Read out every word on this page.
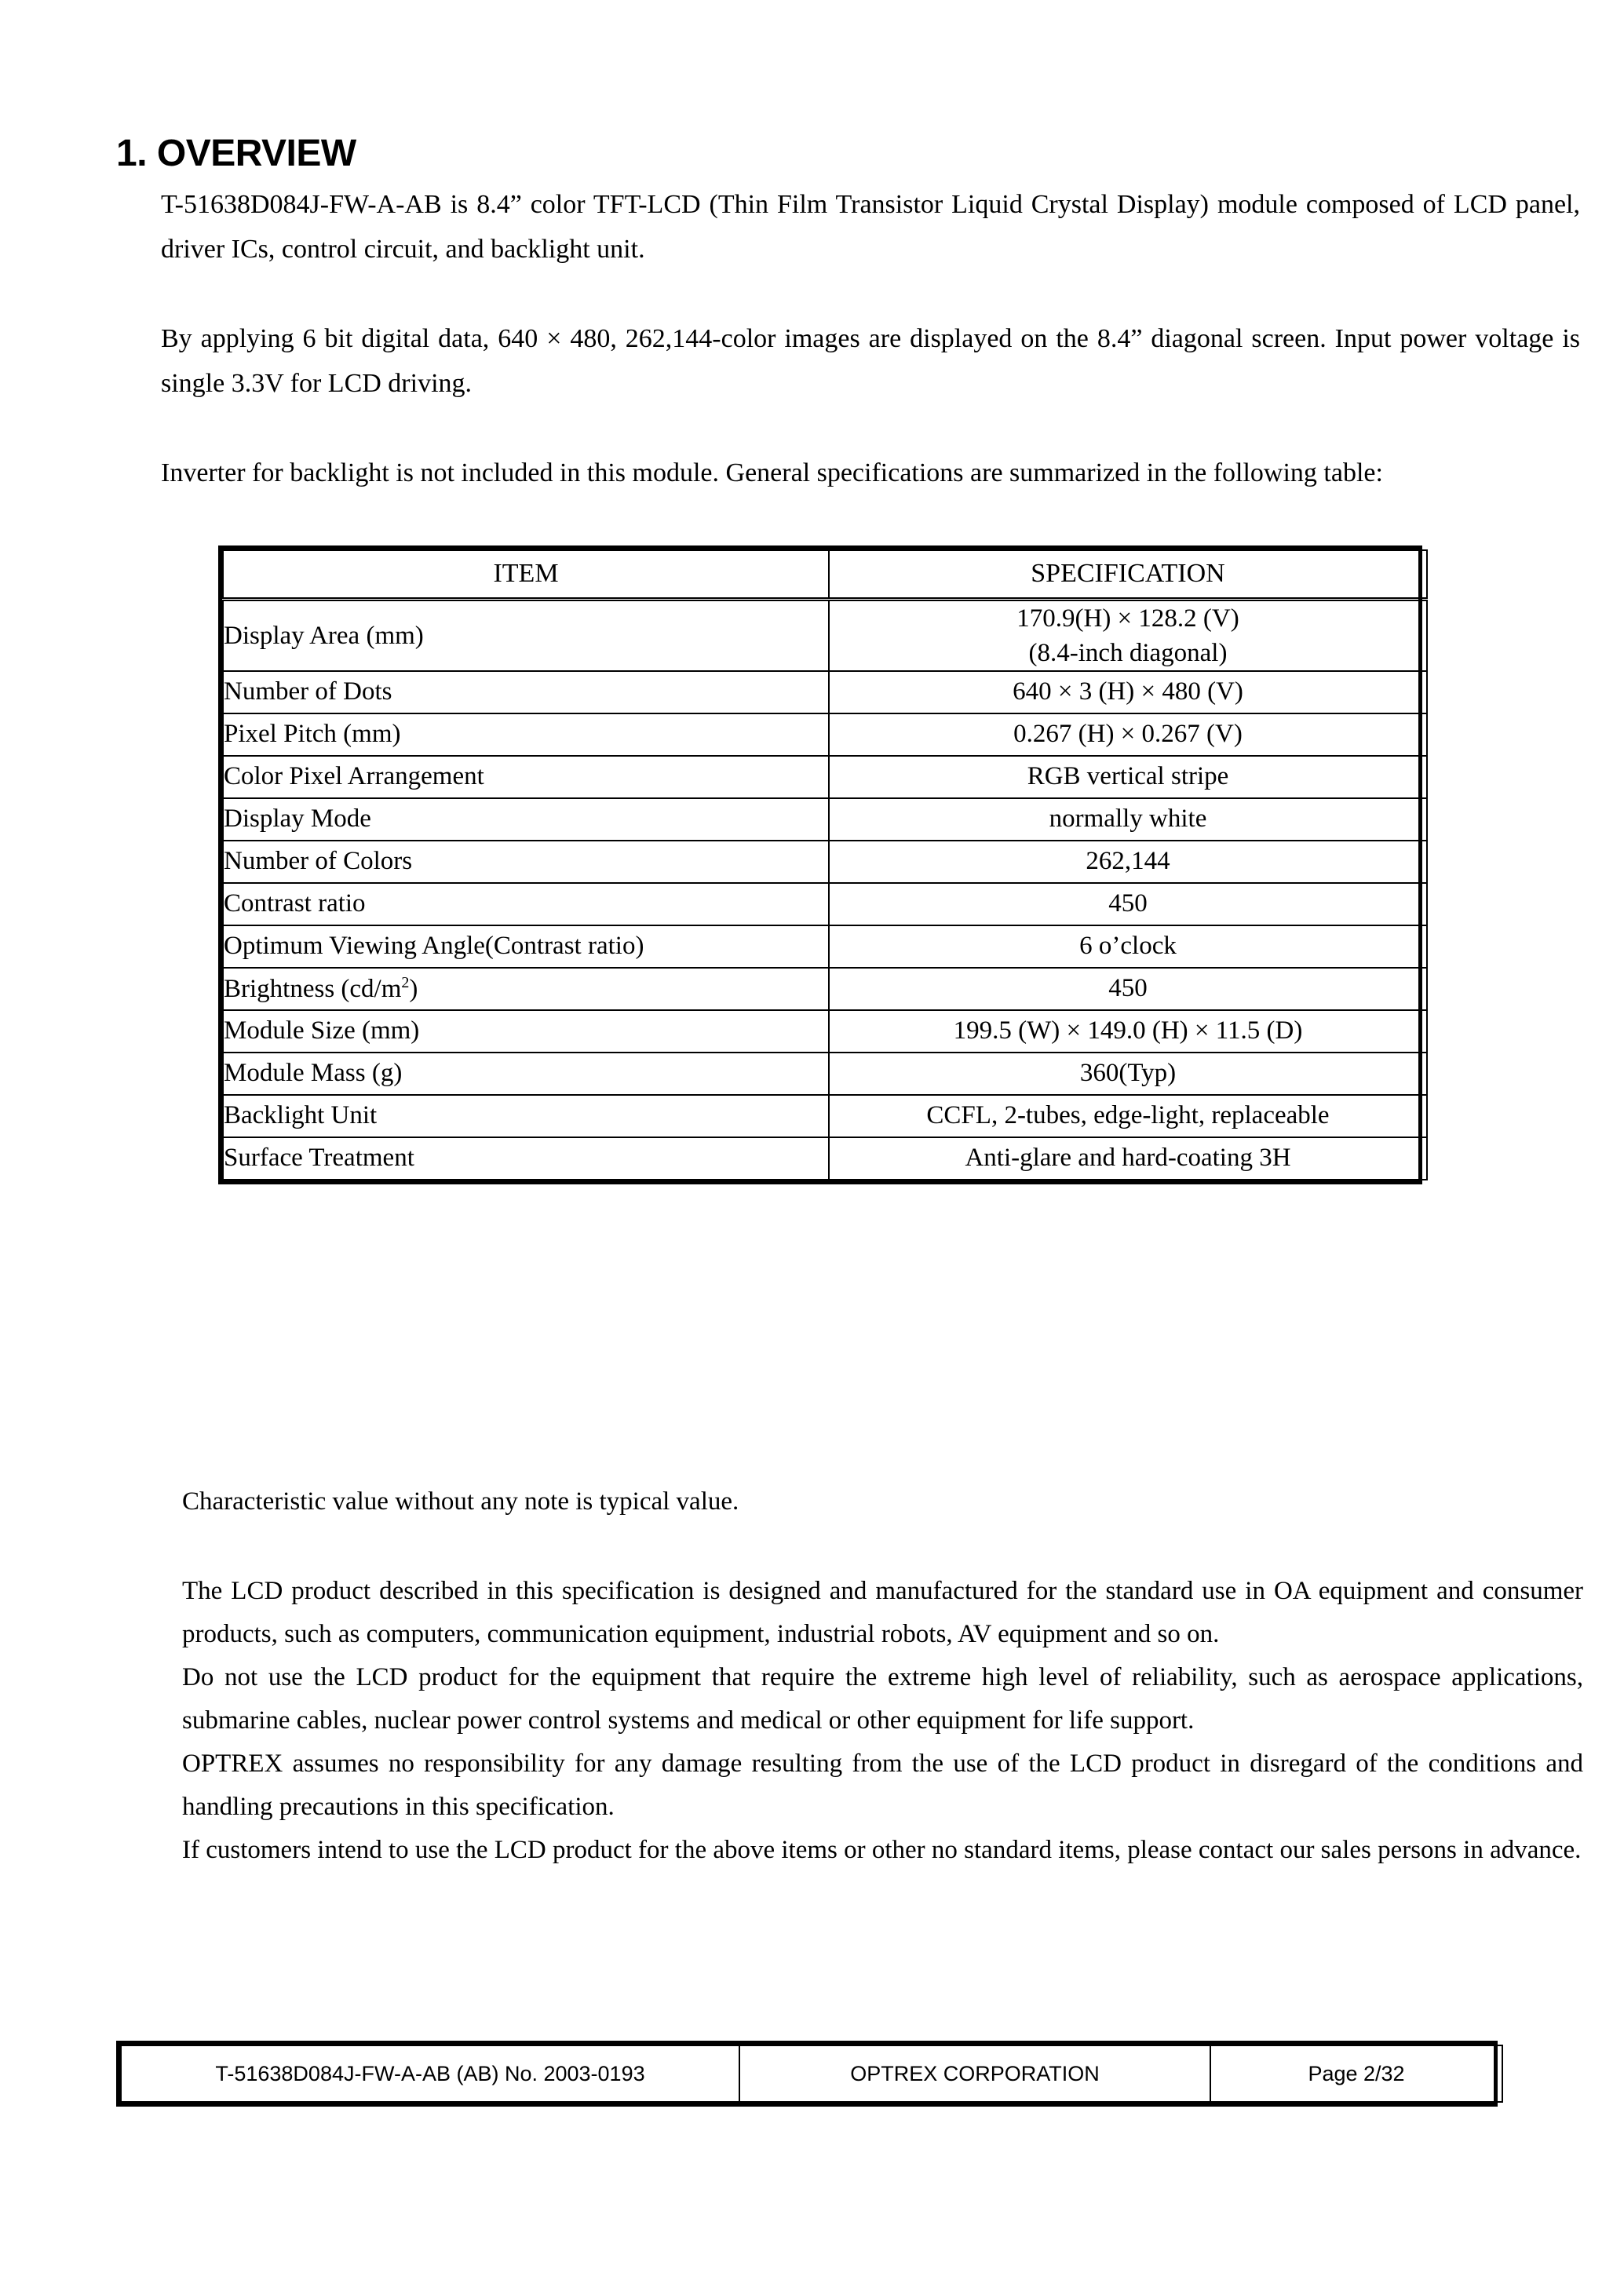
1. OVERVIEW

T-51638D084J-FW-A-AB is 8.4” color TFT-LCD (Thin Film Transistor Liquid Crystal Display) module composed of LCD panel, driver ICs, control circuit, and backlight unit.

By applying 6 bit digital data, 640 × 480, 262,144-color images are displayed on the 8.4” diagonal screen. Input power voltage is single 3.3V for LCD driving.

Inverter for backlight is not included in this module. General specifications are summarized in the following table:

ITEM	SPECIFICATION
Display Area (mm)	170.9(H) × 128.2 (V)
(8.4-inch diagonal)

Number of Dots	640 × 3 (H) × 480 (V)
Pixel Pitch (mm)	0.267 (H) × 0.267 (V)
Color Pixel Arrangement	RGB vertical stripe
Display Mode	normally white
Number of Colors	262,144
Contrast ratio	450
Optimum Viewing Angle(Contrast ratio)	6 o’clock
Brightness $(cd/m^2)$	450
Module Size (mm)	199.5 (W) × 149.0 (H) × 11.5 (D)
Module Mass (g)	360(Typ)
Backlight Unit	CCFL, 2-tubes, edge-light, replaceable
Surface Treatment	Anti-glare and hard-coating 3H
Characteristic value without any note is typical value.

The LCD product described in this specification is designed and manufactured for the standard use in OA equipment and consumer products, such as computers, communication equipment, industrial robots, AV equipment and so on.

Do not use the LCD product for the equipment that require the extreme high level of reliability, such as aerospace applications, submarine cables, nuclear power control systems and medical or other equipment for life support.

OPTREX assumes no responsibility for any damage resulting from the use of the LCD product in disregard of the conditions and handling precautions in this specification.

If customers intend to use the LCD product for the above items or other no standard items, please contact our sales persons in advance.

T-51638D084J-FW-A-AB (AB) No. 2003-0193	OPTREX CORPORATION	Page 2/32
